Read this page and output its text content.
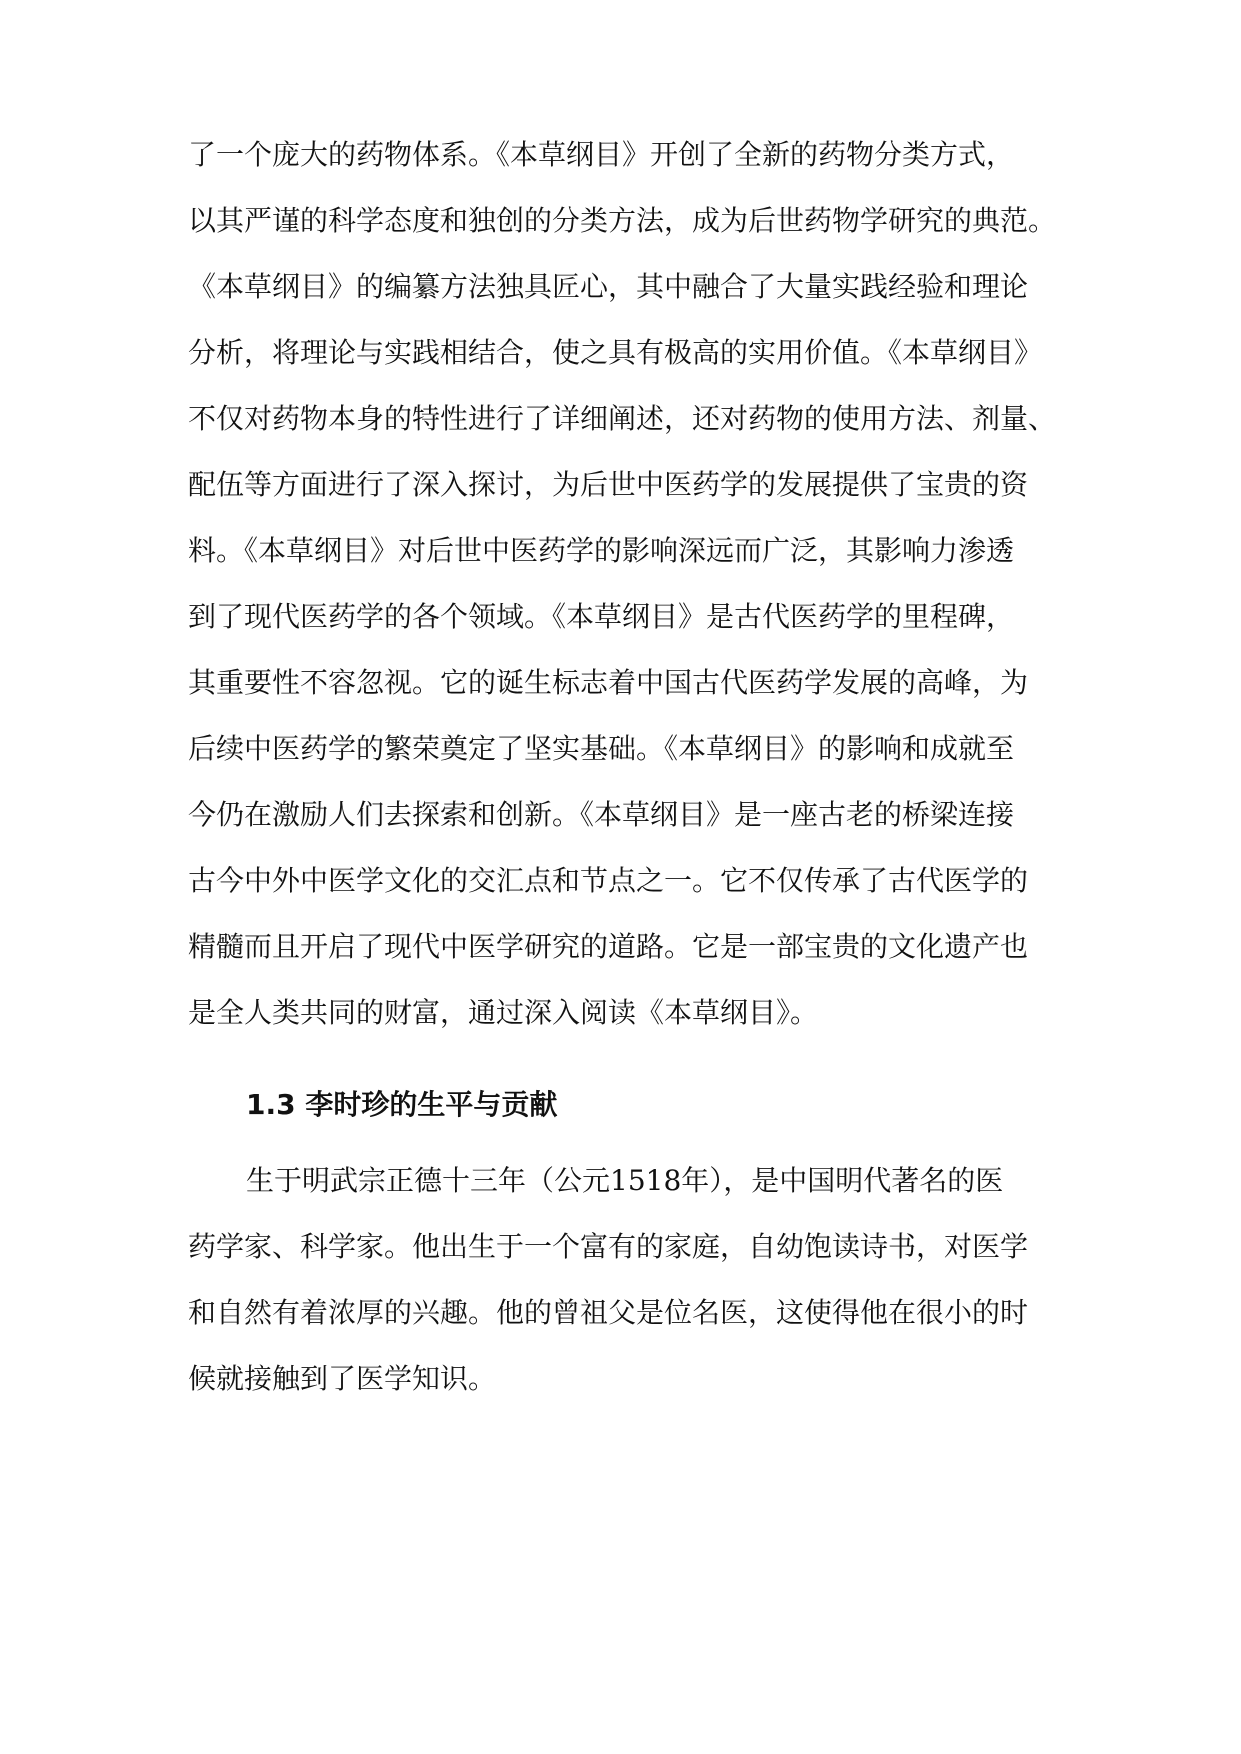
了一个庞大的药物体系。《本草纲目》开创了全新的药物分类方式，
以其严谨的科学态度和独创的分类方法，成为后世药物学研究的典范。
《本草纲目》的编纂方法独具匠心，其中融合了大量实践经验和理论
分析，将理论与实践相结合，使之具有极高的实用价值。《本草纲目》
不仅对药物本身的特性进行了详细阐述，还对药物的使用方法、剂量、
配伍等方面进行了深入探讨，为后世中医药学的发展提供了宝贵的资
料。《本草纲目》对后世中医药学的影响深远而广泛，其影响力渗透
到了现代医药学的各个领域。《本草纲目》是古代医药学的里程碑，
其重要性不容忽视。它的诞生标志着中国古代医药学发展的高峰，为
后续中医药学的繁荣奠定了坚实基础。《本草纲目》的影响和成就至
今仍在激励人们去探索和创新。《本草纲目》是一座古老的桥梁连接
古今中外中医学文化的交汇点和节点之一。它不仅传承了古代医学的
精髓而且开启了现代中医学研究的道路。它是一部宝贵的文化遗产也
是全人类共同的财富，通过深入阅读《本草纲目》。
1.3 李时珍的生平与贡献
生于明武宗正德十三年（公元1518年），是中国明代著名的医
药学家、科学家。他出生于一个富有的家庭，自幼饱读诗书，对医学
和自然有着浓厚的兴趣。他的曾祖父是位名医，这使得他在很小的时
候就接触到了医学知识。
